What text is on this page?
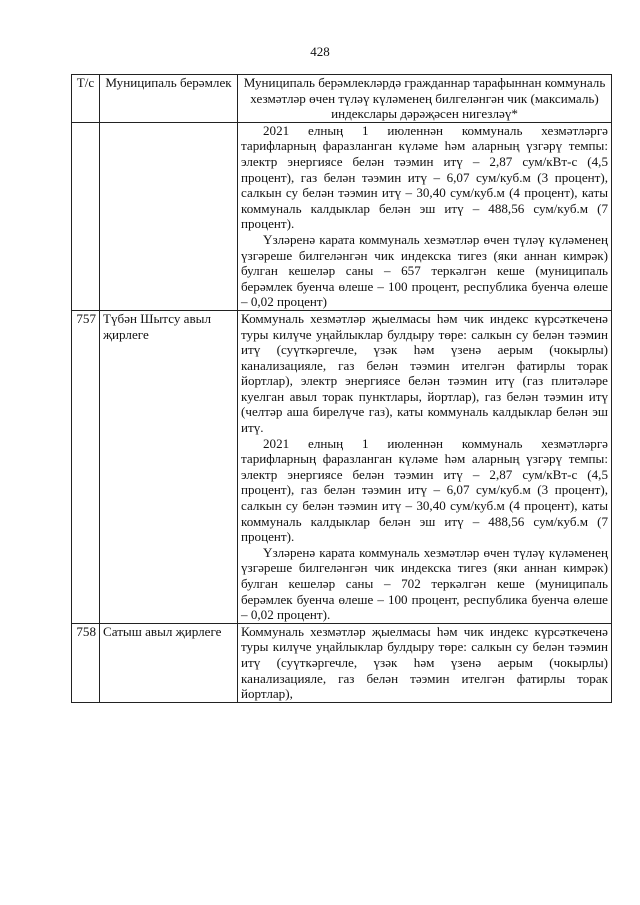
428
Т/с	Муниципаль берәмлек	Муниципаль берәмлекләрдә гражданнар тарафыннан коммуналь хезмәтләр өчен түләү күләменең билгеләнгән чик (максималь) индекслары дәрәҗәсен нигезләү*

		2021 елның 1 июленнән коммуналь хезмәтләргә тарифларның фаразланган күләме һәм аларның үзгәрү темпы: электр энергиясе белән тәэмин итү – 2,87 сум/кВт-с (4,5 процент), газ белән тәэмин итү – 6,07 сум/куб.м (3 процент), салкын су белән тәэмин итү – 30,40 сум/куб.м (4 процент), каты коммуналь калдыклар белән эш итү – 488,56 сум/куб.м (7 процент).

Үзләренә карата коммуналь хезмәтләр өчен түләү күләменең үзгәреше билгеләнгән чик индекска тигез (яки аннан кимрәк) булган кешеләр саны – 657 теркәлгән кеше (муниципаль берәмлек буенча өлеше – 100 процент, республика буенча өлеше – 0,02 процент)

757	Түбән Шытсу авыл җирлеге	Коммуналь хезмәтләр җыелмасы һәм чик индекс күрсәткеченә туры килүче уңайлыклар булдыру төре: салкын су белән тәэмин итү (суүткәргечле, үзәк һәм үзенә аерым (чокырлы) канализацияле, газ белән тәэмин ителгән фатирлы торак йортлар), электр энергиясе белән тәэмин итү (газ плитәләре куелган авыл торак пунктлары, йортлар), газ белән тәэмин итү (челтәр аша бирелүче газ), каты коммуналь калдыклар белән эш итү.

2021 елның 1 июленнән коммуналь хезмәтләргә тарифларның фаразланган күләме һәм аларның үзгәрү темпы: электр энергиясе белән тәэмин итү – 2,87 сум/кВт-с (4,5 процент), газ белән тәэмин итү – 6,07 сум/куб.м (3 процент), салкын су белән тәэмин итү – 30,40 сум/куб.м (4 процент), каты коммуналь калдыклар белән эш итү – 488,56 сум/куб.м (7 процент).

Үзләренә карата коммуналь хезмәтләр өчен түләү күләменең үзгәреше билгеләнгән чик индекска тигез (яки аннан кимрәк) булган кешеләр саны – 702 теркәлгән кеше (муниципаль берәмлек буенча өлеше – 100 процент, республика буенча өлеше – 0,02 процент).

758	Сатыш авыл җирлеге	Коммуналь хезмәтләр җыелмасы һәм чик индекс күрсәткеченә туры килүче уңайлыклар булдыру төре: салкын су белән тәэмин итү (суүткәргечле, үзәк һәм үзенә аерым (чокырлы) канализацияле, газ белән тәэмин ителгән фатирлы торак йортлар),
